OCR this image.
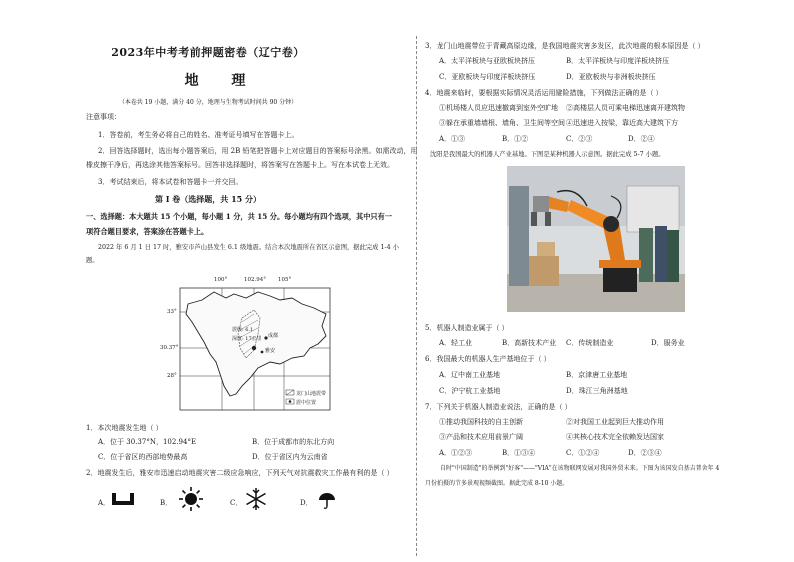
2023年中考考前押题密卷（辽宁卷）
地 理
（本卷共 19 小题，满分 40 分，地理与生物考试时间共 90 分钟）
注意事项：
1．答卷前，考生务必将自己的姓名、准考证号填写在答题卡上。
2．回答选择题时，选出每小题答案后，用 2B 铅笔把答题卡上对应题目的答案标号涂黑。如需改动，用
橡皮擦干净后，再选涂其他答案标号。回答非选择题时，将答案写在答题卡上。写在本试卷上无效。
3．考试结束后，将本试卷和答题卡一并交回。
第 I 卷（选择题，共 15 分）
一、选择题：本大题共 15 个小题，每小题 1 分，共 15 分。每小题均有四个选项，其中只有一
项符合题目要求，答案涂在答题卡上。
2022 年 6 月 1 日 17 时，雅安市芦山县发生 6.1 级地震。结合本次地震所在省区示意图，据此完成 1-4 小
题。
100°	102.94° 105°
33°
30.37°
28°
震级: 6.1
深度: 17公里 成都
雅安
龙门山地震带
震中位置
1．本次地震发生地（ ）
A．位于 30.37°N，102.94°E	B．位于成都市的东北方向
C．位于省区的西部地势最高	D．位于省区内为云南省
2．地震发生后，雅安市迅速启动地震灾害二级应急响应，下列天气对抗震救灾工作最有利的是（ ）
A．	B．	C．	D．
3．龙门山地震带位于青藏高原边缘，是我国地震灾害多发区，此次地震的根本原因是（ ）
A．太平洋板块与亚欧板块挤压	B．太平洋板块与印度洋板块挤压
C．亚欧板块与印度洋板块挤压	D．亚欧板块与非洲板块挤压
4．地震来临时，要根据实际情况灵活运用避险措施，下列做法正确的是（ ）
①机场楼人员应迅速撤离到室外空旷地 ②高楼层人员可乘电梯迅速离开建筑物
③躲在承重墙墙根、墙角、卫生间等空间 ④迅速进入按梁，靠近高大建筑下方
A．①③	B．①②	C．②③	D．②④
沈阳是我国最大的机器人产业基地。下图是某种机器人示意图。据此完成 5-7 小题。
5．机器人制造业属于（ ）
A．轻工业	B．高新技术产业 C．传统制造业	D．服务业
6．我国最大的机器人生产基地位于（ ）
A．辽中南工业基地	B．京津唐工业基地
C．沪宁杭工业基地	D．珠江三角洲基地
7．下列关于机器人制造业说法，正确的是（ ）
①推动我国科技的自主创新	②对我国工业起到巨大推动作用
③产品和技术应用前景广阔	④其核心技术完全依赖发达国家
A．①②③	B．①③④	C．①②④	D．②③④
自时"中国制造"的举例到"好客"——"VIA"在该物联网发展对我国外贸未来。下图为该国发自基吉普舍年 4
月份拍摄的节多景观视频截图。据此完成 8-10 小题。
